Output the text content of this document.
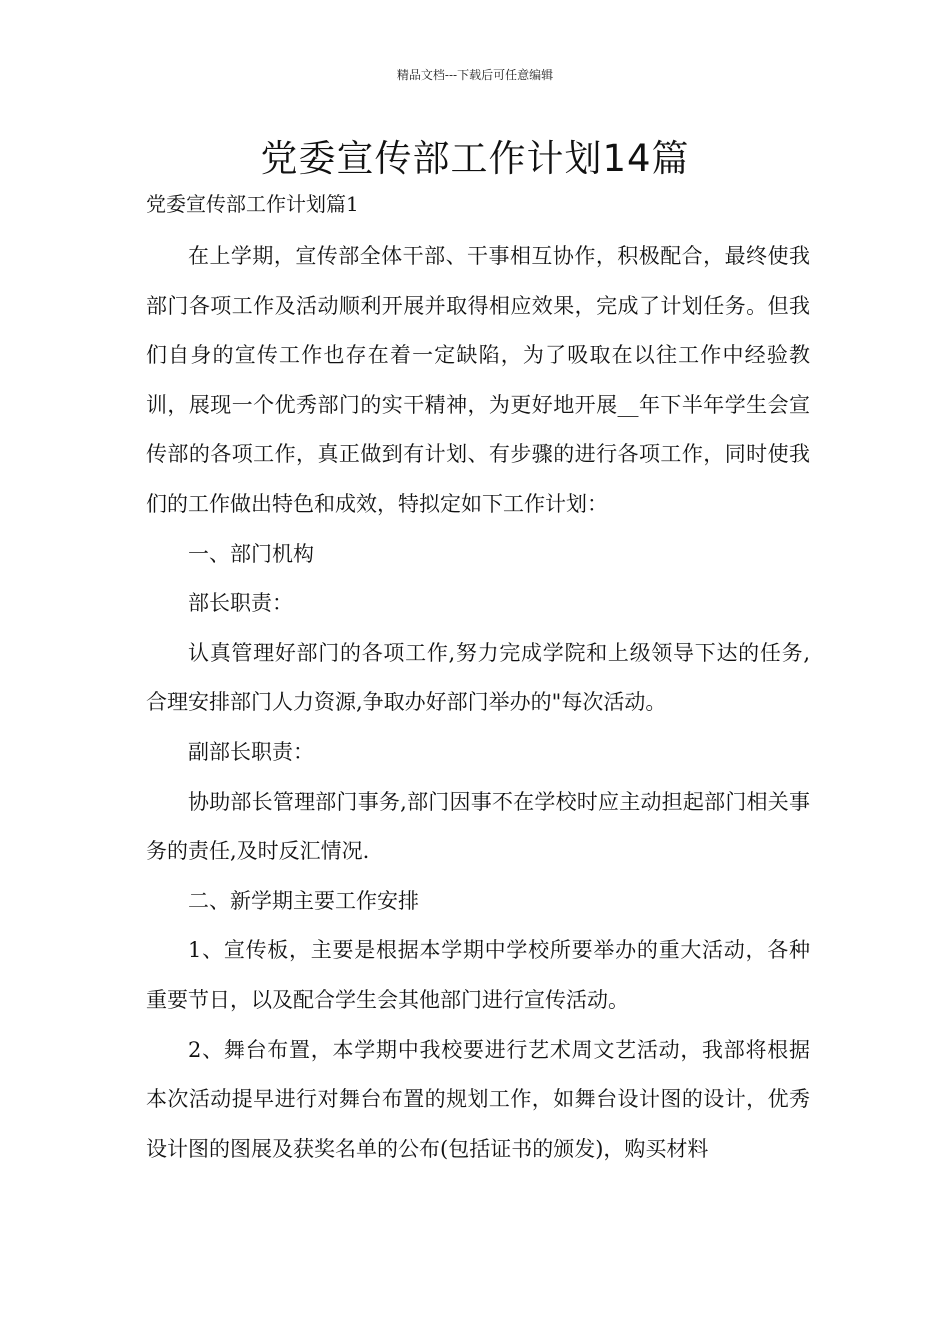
精品文档---下载后可任意编辑
党委宣传部工作计划14篇
党委宣传部工作计划篇1

在上学期，宣传部全体干部、干事相互协作，积极配合，最终使我部门各项工作及活动顺利开展并取得相应效果，完成了计划任务。但我们自身的宣传工作也存在着一定缺陷，为了吸取在以往工作中经验教训，展现一个优秀部门的实干精神，为更好地开展__年下半年学生会宣传部的各项工作，真正做到有计划、有步骤的进行各项工作，同时使我们的工作做出特色和成效，特拟定如下工作计划：

一、部门机构

部长职责：

认真管理好部门的各项工作,努力完成学院和上级领导下达的任务,合理安排部门人力资源,争取办好部门举办的"每次活动。

副部长职责：

协助部长管理部门事务,部门因事不在学校时应主动担起部门相关事务的责任,及时反汇情况.

二、新学期主要工作安排

1、宣传板，主要是根据本学期中学校所要举办的重大活动，各种重要节日，以及配合学生会其他部门进行宣传活动。

2、舞台布置，本学期中我校要进行艺术周文艺活动，我部将根据本次活动提早进行对舞台布置的规划工作，如舞台设计图的设计，优秀设计图的图展及获奖名单的公布(包括证书的颁发)，购买材料
